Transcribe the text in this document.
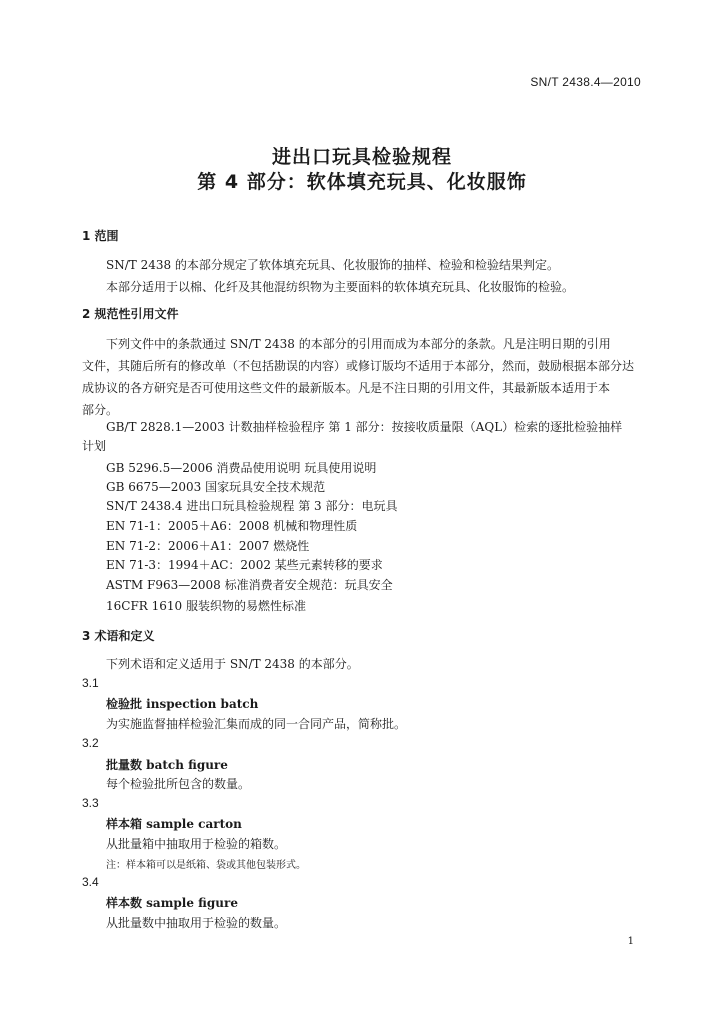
SN/T 2438.4—2010
进出口玩具检验规程
第 4 部分：软体填充玩具、化妆服饰
1 范围
SN/T 2438 的本部分规定了软体填充玩具、化妆服饰的抽样、检验和检验结果判定。
本部分适用于以棉、化纤及其他混纺织物为主要面料的软体填充玩具、化妆服饰的检验。
2 规范性引用文件
下列文件中的条款通过 SN/T 2438 的本部分的引用而成为本部分的条款。凡是注明日期的引用
文件，其随后所有的修改单（不包括勘误的内容）或修订版均不适用于本部分，然而，鼓励根据本部分达
成协议的各方研究是否可使用这些文件的最新版本。凡是不注日期的引用文件，其最新版本适用于本
部分。
GB/T 2828.1—2003 计数抽样检验程序 第 1 部分：按接收质量限（AQL）检索的逐批检验抽样
计划
GB 5296.5—2006 消费品使用说明 玩具使用说明
GB 6675—2003 国家玩具安全技术规范
SN/T 2438.4 进出口玩具检验规程 第 3 部分：电玩具
EN 71-1：2005＋A6：2008 机械和物理性质
EN 71-2：2006＋A1：2007 燃烧性
EN 71-3：1994＋AC：2002 某些元素转移的要求
ASTM F963—2008 标准消费者安全规范：玩具安全
16CFR 1610 服装织物的易燃性标准
3 术语和定义
下列术语和定义适用于 SN/T 2438 的本部分。
3.1
检验批 inspection batch
为实施监督抽样检验汇集而成的同一合同产品，简称批。
3.2
批量数 batch figure
每个检验批所包含的数量。
3.3
样本箱 sample carton
从批量箱中抽取用于检验的箱数。
注：样本箱可以是纸箱、袋或其他包装形式。
3.4
样本数 sample figure
从批量数中抽取用于检验的数量。
1
